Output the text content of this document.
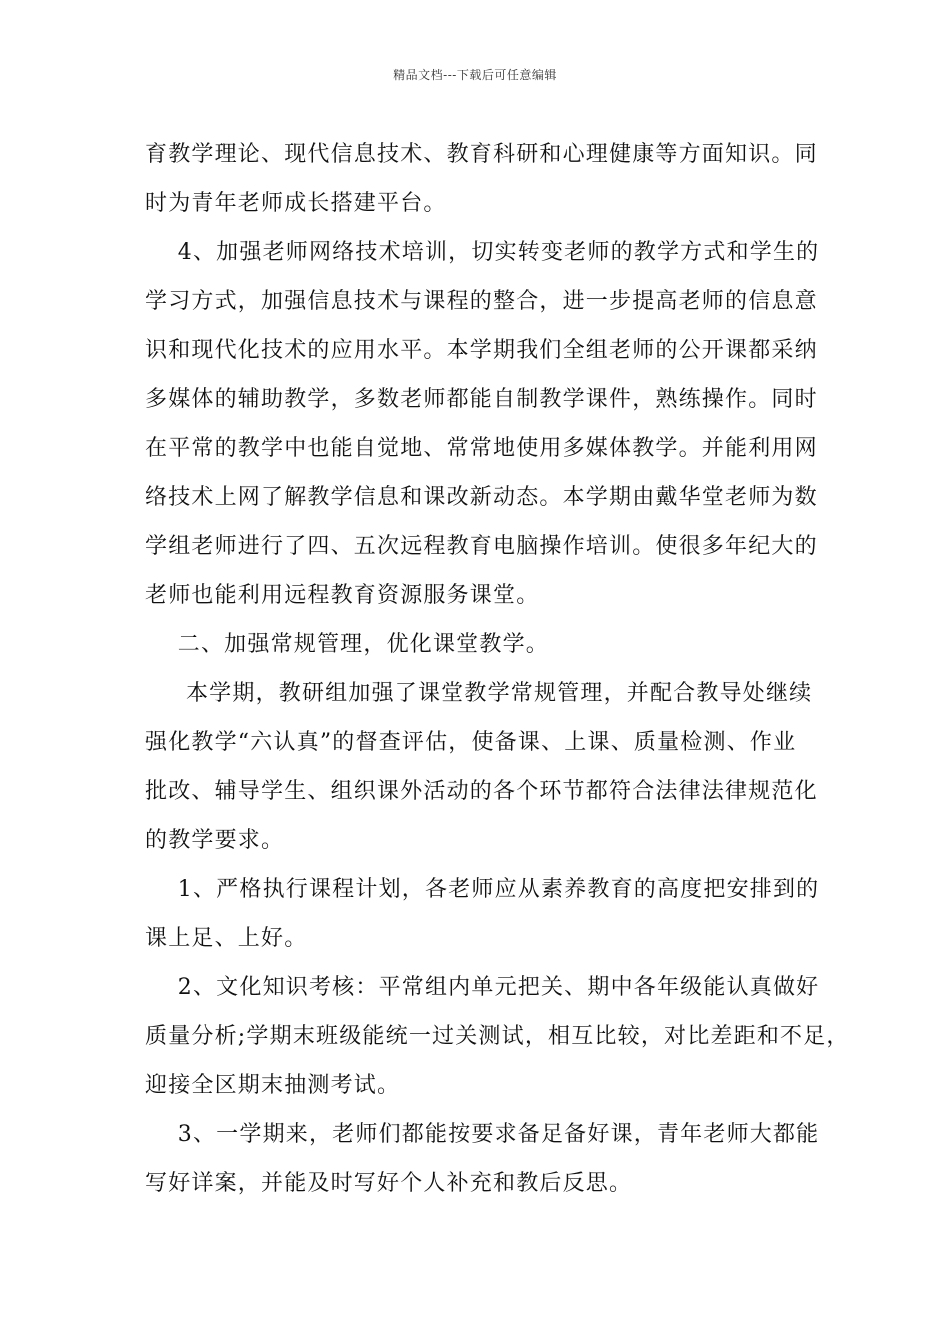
精品文档---下载后可任意编辑
育教学理论、现代信息技术、教育科研和心理健康等方面知识。同
时为青年老师成长搭建平台。
4、加强老师网络技术培训，切实转变老师的教学方式和学生的
学习方式，加强信息技术与课程的整合，进一步提高老师的信息意
识和现代化技术的应用水平。本学期我们全组老师的公开课都采纳
多媒体的辅助教学，多数老师都能自制教学课件，熟练操作。同时
在平常的教学中也能自觉地、常常地使用多媒体教学。并能利用网
络技术上网了解教学信息和课改新动态。本学期由戴华堂老师为数
学组老师进行了四、五次远程教育电脑操作培训。使很多年纪大的
老师也能利用远程教育资源服务课堂。
二、加强常规管理，优化课堂教学。
本学期，教研组加强了课堂教学常规管理，并配合教导处继续
强化教学“六认真”的督查评估，使备课、上课、质量检测、作业
批改、辅导学生、组织课外活动的各个环节都符合法律法律规范化
的教学要求。
1、严格执行课程计划，各老师应从素养教育的高度把安排到的
课上足、上好。
2、文化知识考核：平常组内单元把关、期中各年级能认真做好
质量分析;学期末班级能统一过关测试，相互比较，对比差距和不足，
迎接全区期末抽测考试。
3、一学期来，老师们都能按要求备足备好课，青年老师大都能
写好详案，并能及时写好个人补充和教后反思。
